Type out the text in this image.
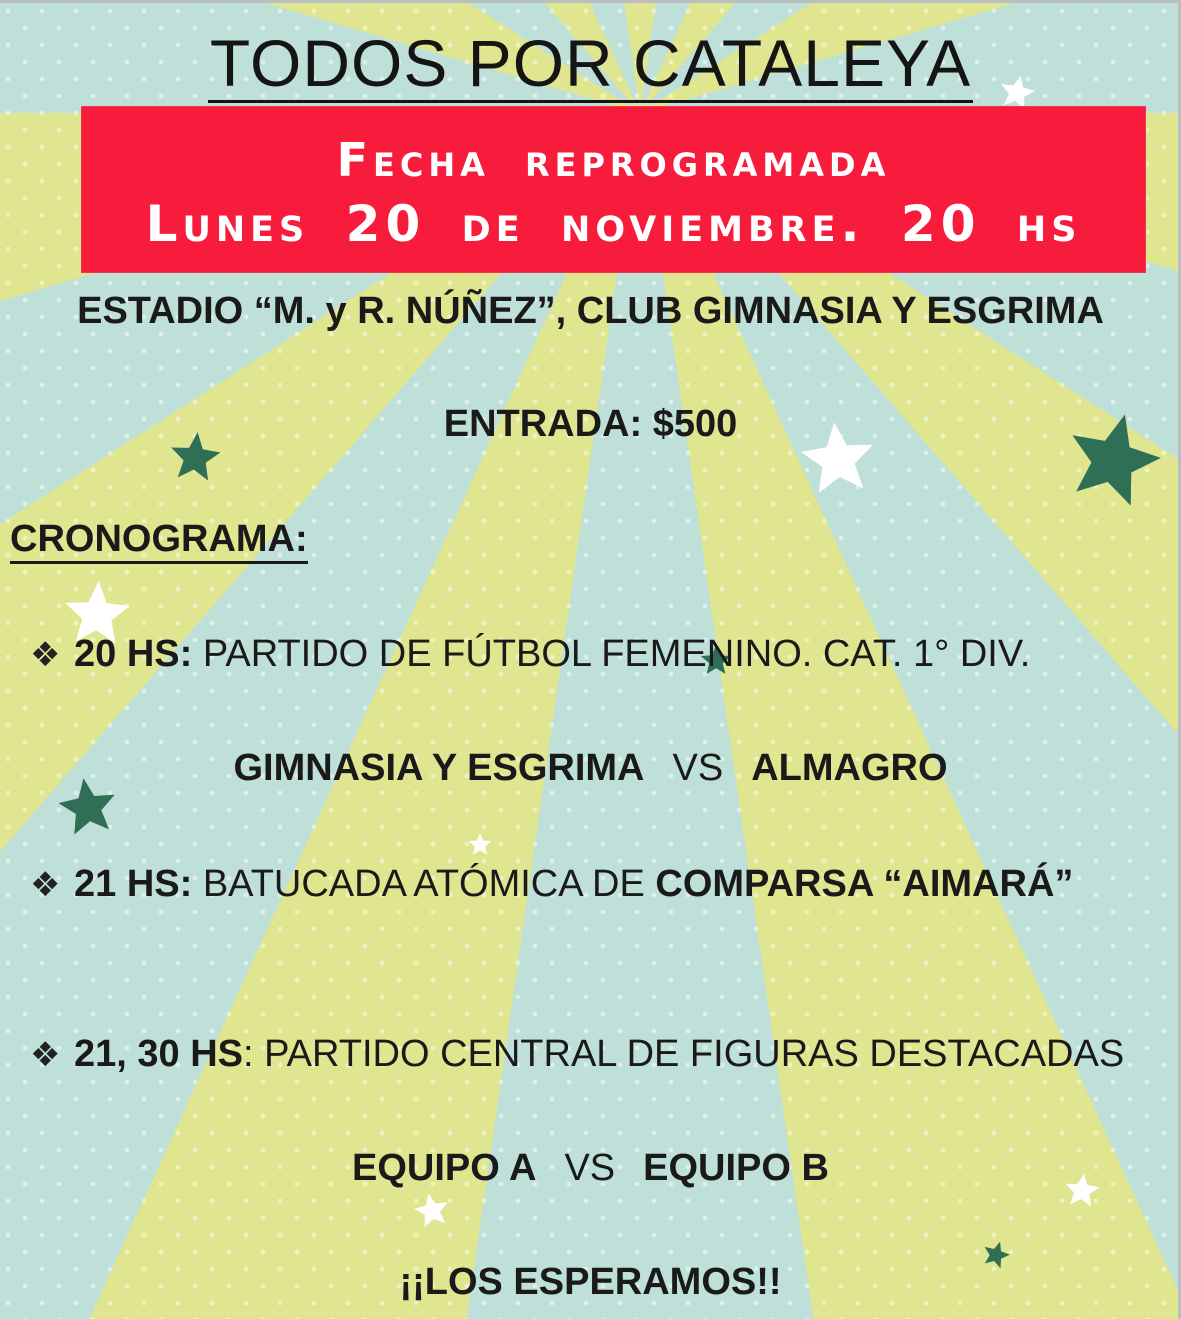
TODOS POR CATALEYA
Fecha reprogramada
Lunes 20 de noviembre. 20 hs
ESTADIO “M. y R. NÚÑEZ”, CLUB GIMNASIA Y ESGRIMA
ENTRADA: $500
CRONOGRAMA:
❖ 20 HS: PARTIDO DE FÚTBOL FEMENINO. CAT. 1° DIV.
GIMNASIA Y ESGRIMA VS ALMAGRO
❖ 21 HS: BATUCADA ATÓMICA DE COMPARSA “AIMARÁ”
❖ 21, 30 HS: PARTIDO CENTRAL DE FIGURAS DESTACADAS
EQUIPO A VS EQUIPO B
¡¡LOS ESPERAMOS!!
